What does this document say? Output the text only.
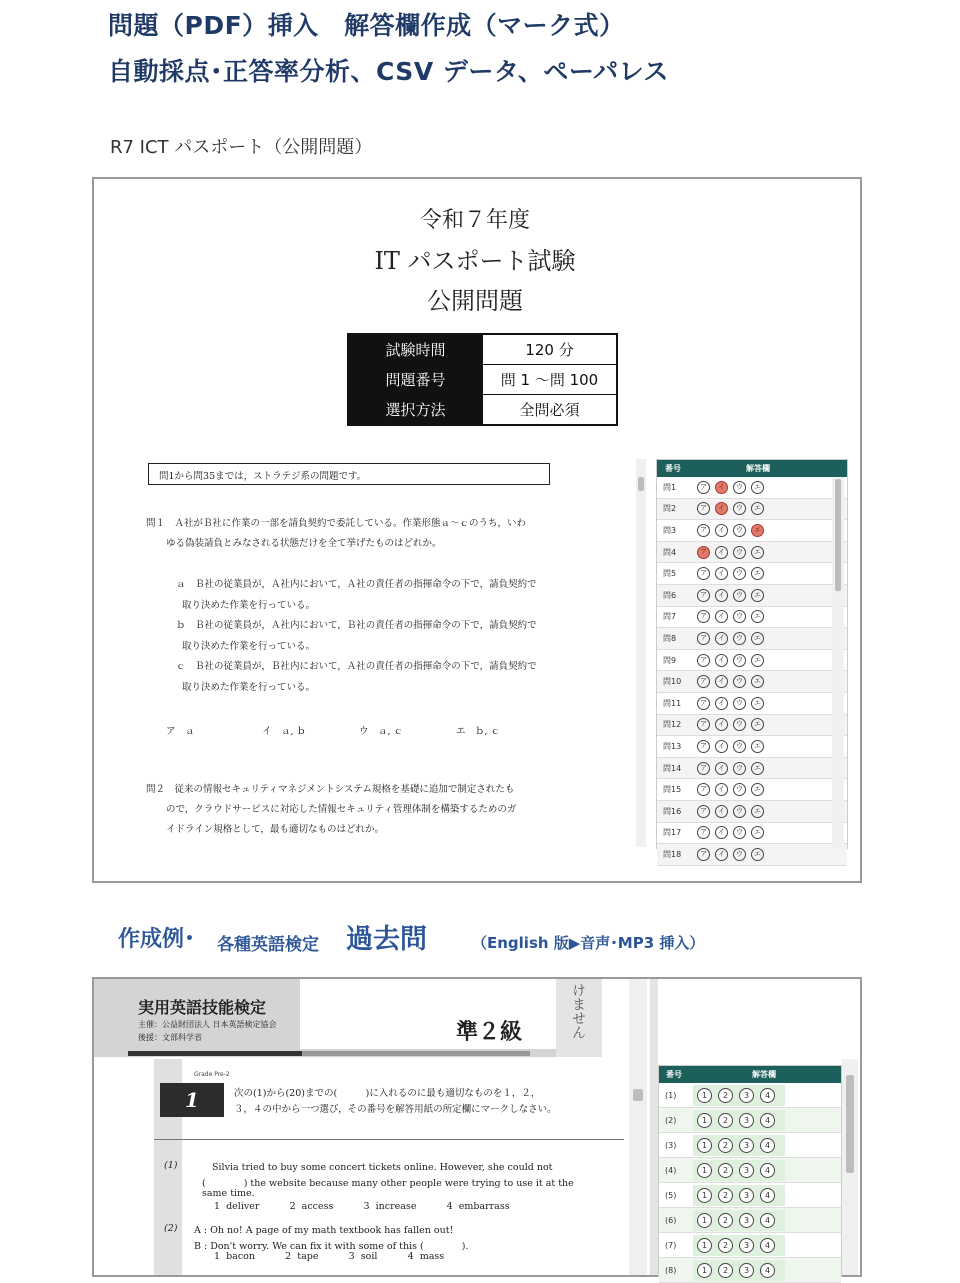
問題（PDF）挿入　解答欄作成（マーク式）
自動採点･正答率分析、CSV データ、ペーパレス
R7 ICT パスポート（公開問題）
令和７年度
IT パスポート試験
公開問題
試験時間	120 分
問題番号	問 1 ～問 100
選択方法	全問必須
問1から問35までは，ストラテジ系の問題です。
問１　Ａ社がＢ社に作業の一部を請負契約で委託している。作業形態ａ～ｃのうち，いわ
ゆる偽装請負とみなされる状態だけを全て挙げたものはどれか。
ａ　Ｂ社の従業員が，Ａ社内において，Ａ社の責任者の指揮命令の下で，請負契約で
取り決めた作業を行っている。
ｂ　Ｂ社の従業員が，Ａ社内において，Ｂ社の責任者の指揮命令の下で，請負契約で
取り決めた作業を行っている。
ｃ　Ｂ社の従業員が，Ｂ社内において，Ａ社の責任者の指揮命令の下で，請負契約で
取り決めた作業を行っている。
ア　ａ	イ　ａ, ｂ	ウ　ａ, ｃ	エ　ｂ, ｃ
問２　従来の情報セキュリティマネジメントシステム規格を基礎に追加で制定されたも
ので，クラウドサービスに対応した情報セキュリティ管理体制を構築するためのガ
イドライン規格として，最も適切なものはどれか。
番号	解答欄
問1	ア	イ	ウ	エ
問2	ア	イ	ウ	エ
問3	ア	イ	ウ	エ
問4	ア	イ	ウ	エ
問5	ア	イ	ウ	エ
問6	ア	イ	ウ	エ
問7	ア	イ	ウ	エ
問8	ア	イ	ウ	エ
問9	ア	イ	ウ	エ
問10	ア	イ	ウ	エ
問11	ア	イ	ウ	エ
問12	ア	イ	ウ	エ
問13	ア	イ	ウ	エ
問14	ア	イ	ウ	エ
問15	ア	イ	ウ	エ
問16	ア	イ	ウ	エ
問17	ア	イ	ウ	エ
問18	ア	イ	ウ	エ
作成例･ 各種英語検定 過去問	（English 版▶音声･MP3 挿入）
実用英語技能検定
主催：公益財団法人 日本英語検定協会
後援：文部科学省	準２級	けません
1
Grade Pre-2
次の(1)から(20)までの(　　　)に入れるのに最も適切なものを１，２，
３，４の中から一つ選び，その番号を解答用紙の所定欄にマークしなさい。
(1)	Silvia tried to buy some concert tickets online. However, she could not
(　　　　) the website because many other people were trying to use it at the
same time.
1  deliver          2  access          3  increase          4  embarrass
(2) A : Oh no! A page of my math textbook has fallen out!
B : Don't worry. We can fix it with some of this (　　　　).
1  bacon          2  tape          3  soil          4  mass
番号	解答欄
(1)	1	2	3	4
(2)	1	2	3	4
(3)	1	2	3	4
(4)	1	2	3	4
(5)	1	2	3	4
(6)	1	2	3	4
(7)	1	2	3	4
(8)	1	2	3	4
